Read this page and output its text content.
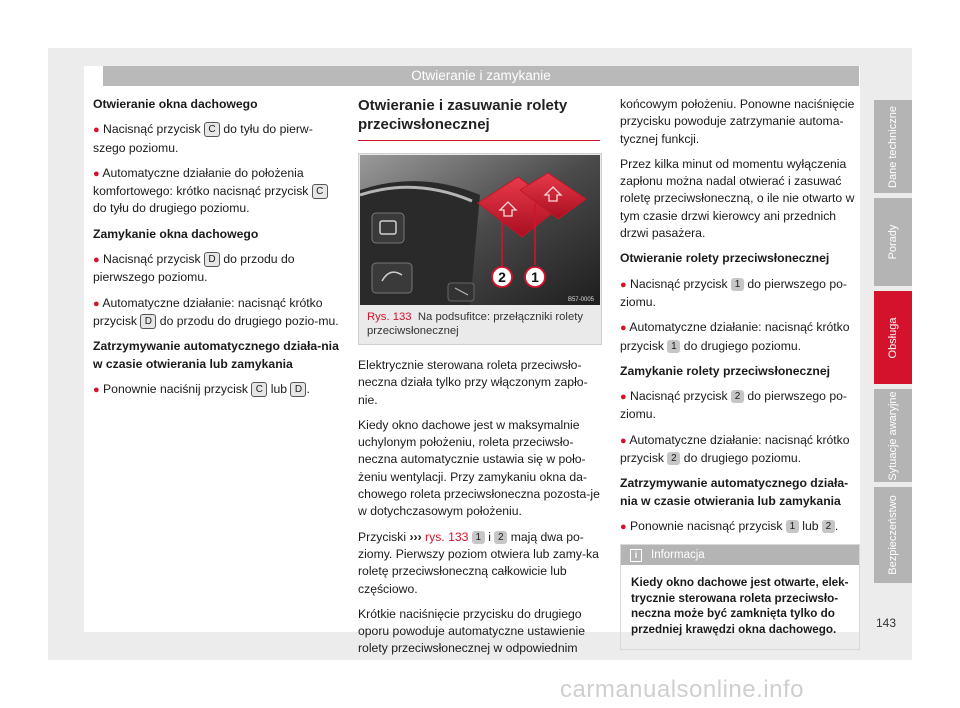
Otwieranie i zamykanie

Otwieranie okna dachowego

● Nacisnąć przycisk C do tyłu do pierw-szego poziomu.

● Automatyczne działanie do położenia komfortowego: krótko nacisnąć przycisk C do tyłu do drugiego poziomu.

Zamykanie okna dachowego

● Nacisnąć przycisk D do przodu do pierwszego poziomu.

● Automatyczne działanie: nacisnąć krótko przycisk D do przodu do drugiego pozio-mu.

Zatrzymywanie automatycznego działa-nia w czasie otwierania lub zamykania

● Ponownie naciśnij przycisk C lub D .

Otwieranie i zasuwanie rolety przeciwsłonecznej
2 1
B57-0005
Rys. 133 Na podsufitce: przełączniki rolety przeciwsłonecznej

Elektrycznie sterowana roleta przeciwsło-neczna działa tylko przy włączonym zapło-nie.

Kiedy okno dachowe jest w maksymalnie uchylonym położeniu, roleta przeciwsło-neczna automatycznie ustawia się w poło-żeniu wentylacji. Przy zamykaniu okna da-chowego roleta przeciwsłoneczna pozosta-je w dotychczasowym położeniu.

Przyciski ››› rys. 133 1 i 2 mają dwa po-ziomy. Pierwszy poziom otwiera lub zamy-ka roletę przeciwsłoneczną całkowicie lub częściowo.

Krótkie naciśnięcie przycisku do drugiego oporu powoduje automatyczne ustawienie rolety przeciwsłonecznej w odpowiednim

końcowym położeniu. Ponowne naciśnięcie przycisku powoduje zatrzymanie automa-tycznej funkcji.

Przez kilka minut od momentu wyłączenia zapłonu można nadal otwierać i zasuwać roletę przeciwsłoneczną, o ile nie otwarto w tym czasie drzwi kierowcy ani przednich drzwi pasażera.

Otwieranie rolety przeciwsłonecznej

● Nacisnąć przycisk 1 do pierwszego po-ziomu.

● Automatyczne działanie: nacisnąć krótko przycisk 1 do drugiego poziomu.

Zamykanie rolety przeciwsłonecznej

● Nacisnąć przycisk 2 do pierwszego po-ziomu.

● Automatyczne działanie: nacisnąć krótko przycisk 2 do drugiego poziomu.

Zatrzymywanie automatycznego działa-nia w czasie otwierania lub zamykania

● Ponownie nacisnąć przycisk 1 lub 2 .

i	Informacja
Kiedy okno dachowe jest otwarte, elek-trycznie sterowana roleta przeciwsło-neczna może być zamknięta tylko do przedniej krawędzi okna dachowego.
Dane techniczne
Porady
Obsługa
Sytuacje awaryjne
Bezpieczeństwo
143
carmanualsonline.info
